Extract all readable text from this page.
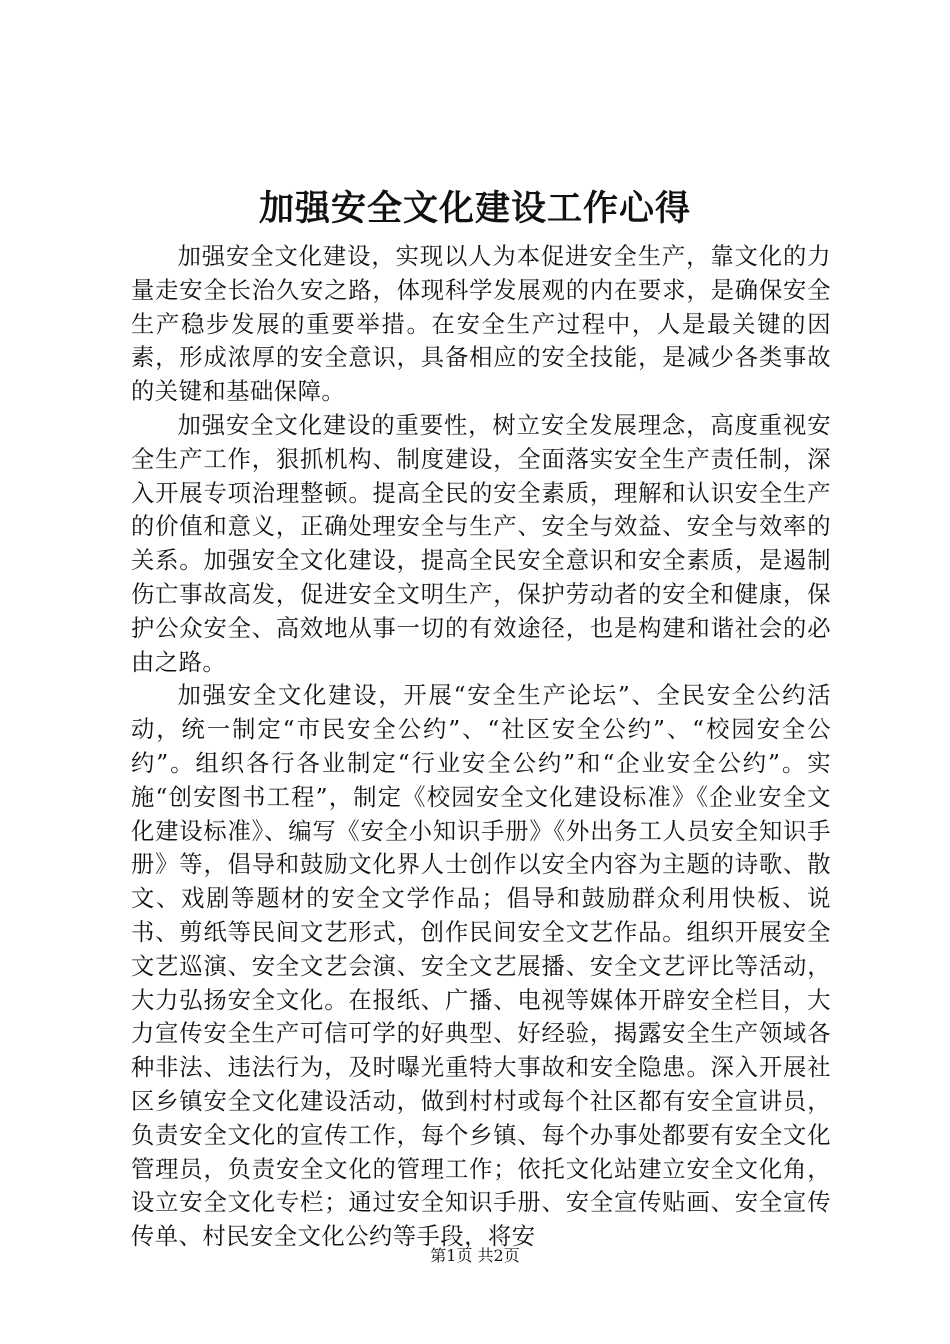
加强安全文化建设工作心得

加强安全文化建设，实现以人为本促进安全生产，靠文化的力量走安全长治久安之路，体现科学发展观的内在要求，是确保安全生产稳步发展的重要举措。在安全生产过程中，人是最关键的因素，形成浓厚的安全意识，具备相应的安全技能，是减少各类事故的关键和基础保障。

加强安全文化建设的重要性，树立安全发展理念，高度重视安全生产工作，狠抓机构、制度建设，全面落实安全生产责任制，深入开展专项治理整顿。提高全民的安全素质，理解和认识安全生产的价值和意义，正确处理安全与生产、安全与效益、安全与效率的关系。加强安全文化建设，提高全民安全意识和安全素质，是遏制伤亡事故高发，促进安全文明生产，保护劳动者的安全和健康，保护公众安全、高效地从事一切的有效途径，也是构建和谐社会的必由之路。

加强安全文化建设，开展“安全生产论坛”、全民安全公约活动，统一制定“市民安全公约”、“社区安全公约”、“校园安全公约”。组织各行各业制定“行业安全公约”和“企业安全公约”。实施“创安图书工程”，制定《校园安全文化建设标准》《企业安全文化建设标准》、编写《安全小知识手册》《外出务工人员安全知识手册》等，倡导和鼓励文化界人士创作以安全内容为主题的诗歌、散文、戏剧等题材的安全文学作品；倡导和鼓励群众利用快板、说书、剪纸等民间文艺形式，创作民间安全文艺作品。组织开展安全文艺巡演、安全文艺会演、安全文艺展播、安全文艺评比等活动，大力弘扬安全文化。在报纸、广播、电视等媒体开辟安全栏目，大力宣传安全生产可信可学的好典型、好经验，揭露安全生产领域各种非法、违法行为，及时曝光重特大事故和安全隐患。深入开展社区乡镇安全文化建设活动，做到村村或每个社区都有安全宣讲员，负责安全文化的宣传工作，每个乡镇、每个办事处都要有安全文化管理员，负责安全文化的管理工作；依托文化站建立安全文化角，设立安全文化专栏；通过安全知识手册、安全宣传贴画、安全宣传传单、村民安全文化公约等手段，将安

第1页 共2页
